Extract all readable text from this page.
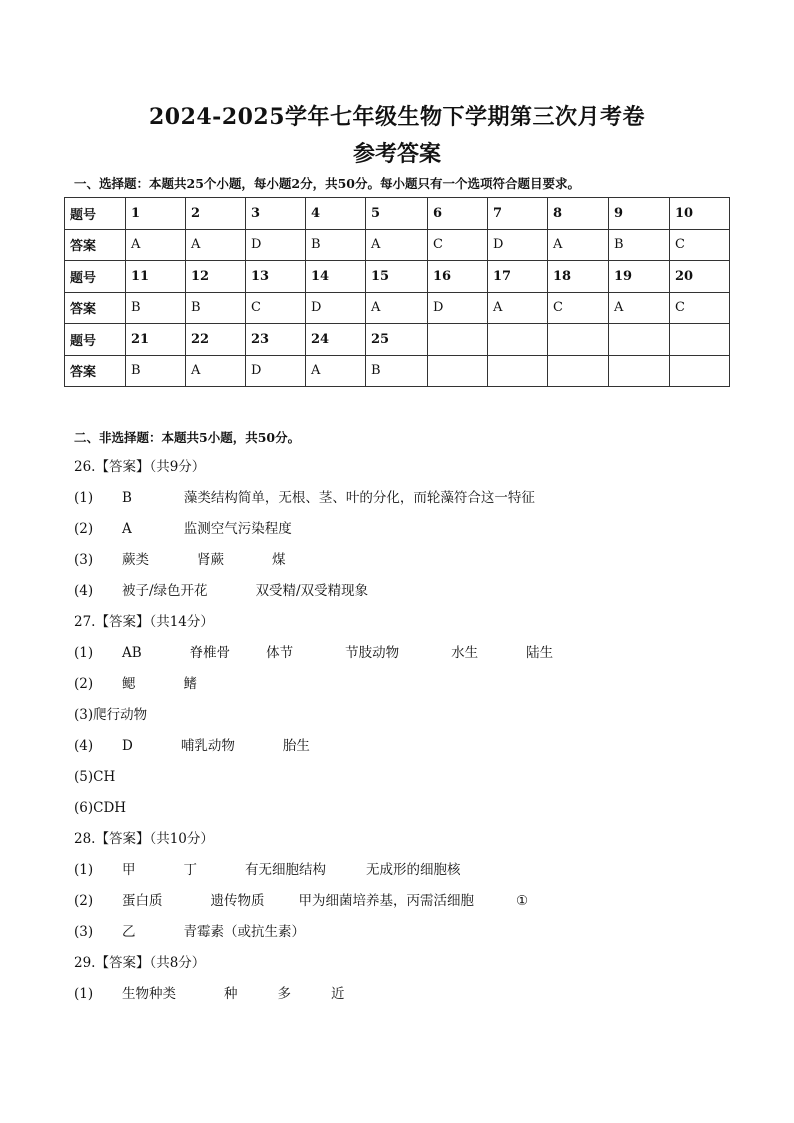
2024-2025学年七年级生物下学期第三次月考卷
参考答案
一、选择题：本题共25个小题，每小题2分，共50分。每小题只有一个选项符合题目要求。
题号	1	2	3	4	5	6	7	8	9	10
答案	A	A	D	B	A	C	D	A	B	C
题号	11	12	13	14	15	16	17	18	19	20
答案	B	B	C	D	A	D	A	C	A	C
题号	21	22	23	24	25					
答案	B	A	D	A	B					
二、非选择题：本题共5小题，共50分。
26.【答案】（共9分）
(1) B	藻类结构简单，无根、茎、叶的分化，而轮藻符合这一特征
(2) A	监测空气污染程度
(3) 蕨类	肾蕨	煤
(4) 被子/绿色开花	双受精/双受精现象
27.【答案】（共14分）
(1) AB	脊椎骨	体节	节肢动物	水生	陆生
(2) 鳃	鳍
(3)爬行动物
(4) D	哺乳动物	胎生
(5)CH
(6)CDH
28.【答案】（共10分）
(1) 甲	丁	有无细胞结构	无成形的细胞核
(2) 蛋白质	遗传物质	甲为细菌培养基，丙需活细胞	①
(3) 乙	青霉素（或抗生素）
29.【答案】（共8分）
(1) 生物种类	种	多	近
